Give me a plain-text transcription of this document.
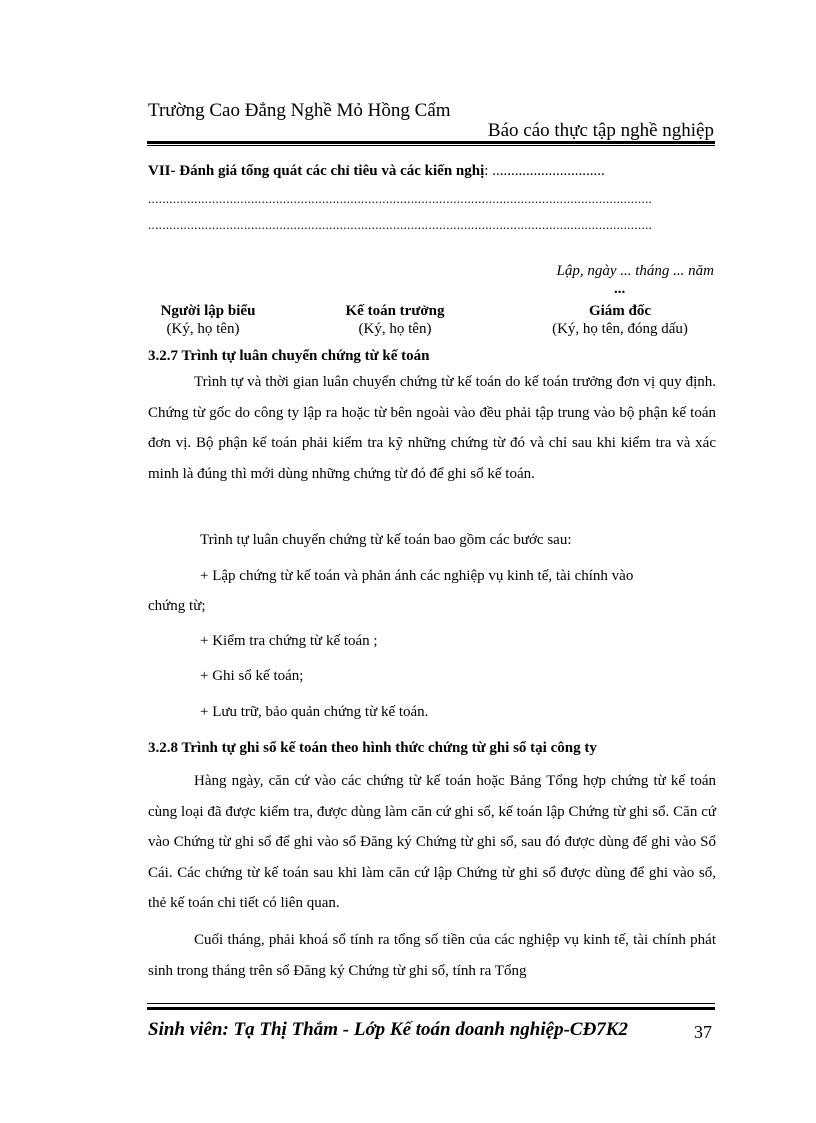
Trường Cao Đẳng Nghề Mỏ Hồng Cẩm
Báo cáo thực tập nghề nghiệp
VII- Đánh giá tổng quát các chỉ tiêu và các kiến nghị: ..............................
..............................................................................................................................................
..............................................................................................................................................
Lập, ngày ... tháng ... năm
...
Người lập biểu
(Ký, họ tên)
Kế toán trưởng
(Ký, họ tên)
Giám đốc
(Ký, họ tên, đóng dấu)
3.2.7 Trình tự luân chuyển chứng từ kế toán
Trình tự và thời gian luân chuyển chứng từ kế toán do kế toán trưởng đơn vị quy định. Chứng từ gốc do công ty lập ra hoặc từ bên ngoài vào đều phải tập trung vào bộ phận kế toán đơn vị. Bộ phận kế toán phải kiểm tra kỹ những chứng từ đó và chỉ sau khi kiểm tra và xác minh là đúng thì mới dùng những chứng từ đó để ghi sổ kế toán.
Trình tự luân chuyển chứng từ kế toán bao gồm các bước sau:
+ Lập chứng từ kế toán và phản ánh các nghiệp vụ kinh tế, tài chính vào
chứng từ;
+ Kiểm tra chứng từ kế toán ;
+ Ghi sổ kế toán;
+ Lưu trữ, bảo quản chứng từ kế toán.
3.2.8 Trình tự ghi sổ kế toán theo hình thức chứng từ ghi sổ tại công ty
Hàng ngày, căn cứ vào các chứng từ kế toán hoặc Bảng Tổng hợp chứng từ kế toán cùng loại đã được kiểm tra, được dùng làm căn cứ ghi sổ, kế toán lập Chứng từ ghi sổ. Căn cứ vào Chứng từ ghi sổ để ghi vào sổ Đăng ký Chứng từ ghi sổ, sau đó được dùng để ghi vào Sổ Cái. Các chứng từ kế toán sau khi làm căn cứ lập Chứng từ ghi sổ được dùng để ghi vào sổ, thẻ kế toán chi tiết có liên quan.
Cuối tháng, phải khoá sổ tính ra tổng số tiền của các nghiệp vụ kinh tế, tài chính phát sinh trong tháng trên sổ Đăng ký Chứng từ ghi sổ, tính ra Tổng
Sinh viên: Tạ Thị Thắm - Lớp Kế toán doanh nghiệp-CĐ7K2	37
